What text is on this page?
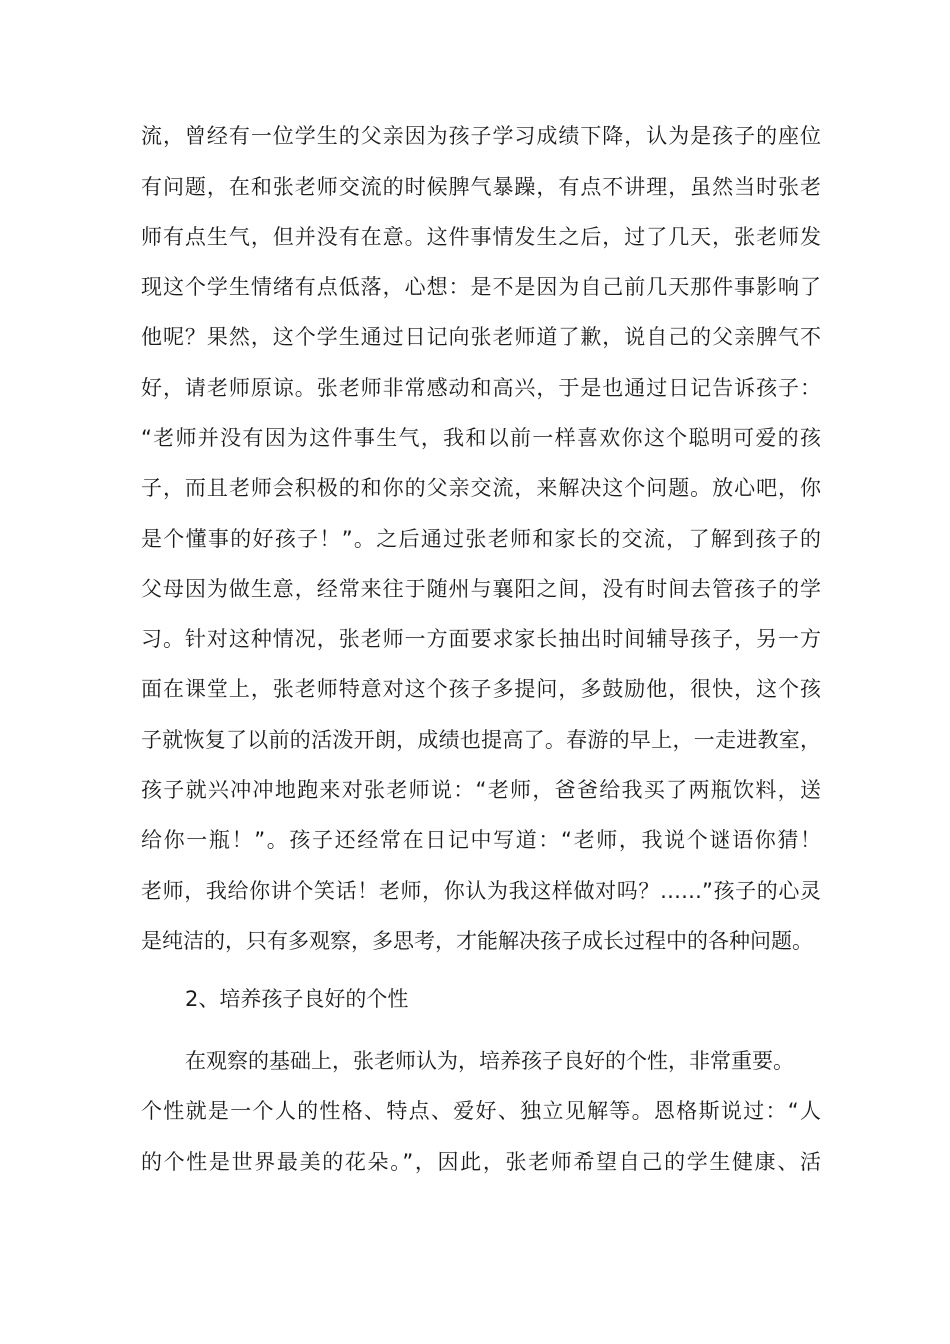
流，曾经有一位学生的父亲因为孩子学习成绩下降，认为是孩子的座位
有问题，在和张老师交流的时候脾气暴躁，有点不讲理，虽然当时张老
师有点生气，但并没有在意。这件事情发生之后，过了几天，张老师发
现这个学生情绪有点低落，心想：是不是因为自己前几天那件事影响了
他呢？果然，这个学生通过日记向张老师道了歉，说自己的父亲脾气不
好，请老师原谅。张老师非常感动和高兴，于是也通过日记告诉孩子：
“老师并没有因为这件事生气，我和以前一样喜欢你这个聪明可爱的孩
子，而且老师会积极的和你的父亲交流，来解决这个问题。放心吧，你
是个懂事的好孩子！”。之后通过张老师和家长的交流，了解到孩子的
父母因为做生意，经常来往于随州与襄阳之间，没有时间去管孩子的学
习。针对这种情况，张老师一方面要求家长抽出时间辅导孩子，另一方
面在课堂上，张老师特意对这个孩子多提问，多鼓励他，很快，这个孩
子就恢复了以前的活泼开朗，成绩也提高了。春游的早上，一走进教室，
孩子就兴冲冲地跑来对张老师说：“老师，爸爸给我买了两瓶饮料，送
给你一瓶！”。孩子还经常在日记中写道：“老师，我说个谜语你猜！
老师，我给你讲个笑话！老师，你认为我这样做对吗？……”孩子的心灵
是纯洁的，只有多观察，多思考，才能解决孩子成长过程中的各种问题。
2、培养孩子良好的个性
在观察的基础上，张老师认为，培养孩子良好的个性，非常重要。
个性就是一个人的性格、特点、爱好、独立见解等。恩格斯说过：“人
的个性是世界最美的花朵。”，因此，张老师希望自己的学生健康、活
